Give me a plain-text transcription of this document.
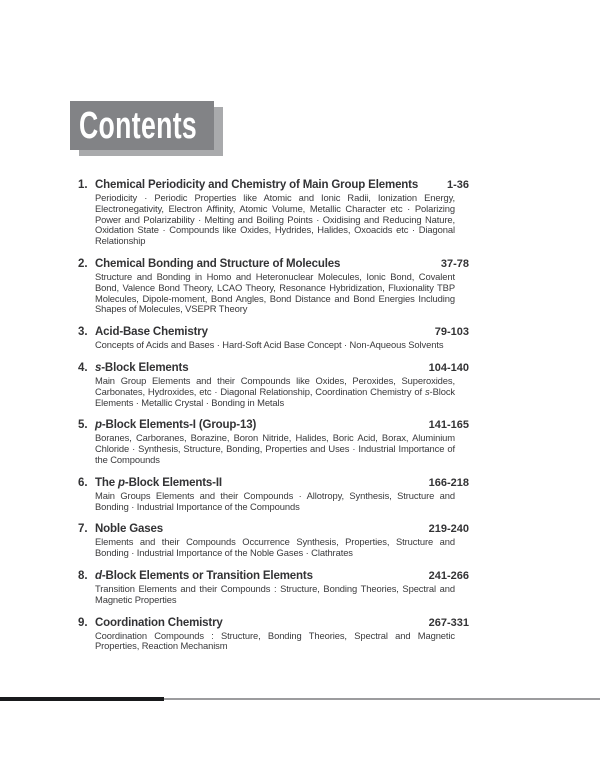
Contents
1. Chemical Periodicity and Chemistry of Main Group Elements	1-36
Periodicity · Periodic Properties like Atomic and Ionic Radii, Ionization Energy, Electronegativity, Electron Affinity, Atomic Volume, Metallic Character etc · Polarizing Power and Polarizability · Melting and Boiling Points · Oxidising and Reducing Nature, Oxidation State · Compounds like Oxides, Hydrides, Halides, Oxoacids etc · Diagonal Relationship
2. Chemical Bonding and Structure of Molecules	37-78
Structure and Bonding in Homo and Heteronuclear Molecules, Ionic Bond, Covalent Bond, Valence Bond Theory, LCAO Theory, Resonance Hybridization, Fluxionality TBP Molecules, Dipole-moment, Bond Angles, Bond Distance and Bond Energies Including Shapes of Molecules, VSEPR Theory
3. Acid-Base Chemistry	79-103
Concepts of Acids and Bases · Hard-Soft Acid Base Concept · Non-Aqueous Solvents
4. s-Block Elements	104-140
Main Group Elements and their Compounds like Oxides, Peroxides, Superoxides, Carbonates, Hydroxides, etc · Diagonal Relationship, Coordination Chemistry of s-Block Elements · Metallic Crystal · Bonding in Metals
5. p-Block Elements-I (Group-13)	141-165
Boranes, Carboranes, Borazine, Boron Nitride, Halides, Boric Acid, Borax, Aluminium Chloride · Synthesis, Structure, Bonding, Properties and Uses · Industrial Importance of the Compounds
6. The p-Block Elements-II	166-218
Main Groups Elements and their Compounds · Allotropy, Synthesis, Structure and Bonding · Industrial Importance of the Compounds
7. Noble Gases	219-240
Elements and their Compounds Occurrence Synthesis, Properties, Structure and Bonding · Industrial Importance of the Noble Gases · Clathrates
8. d-Block Elements or Transition Elements	241-266
Transition Elements and their Compounds : Structure, Bonding Theories, Spectral and Magnetic Properties
9. Coordination Chemistry	267-331
Coordination Compounds : Structure, Bonding Theories, Spectral and Magnetic Properties, Reaction Mechanism
